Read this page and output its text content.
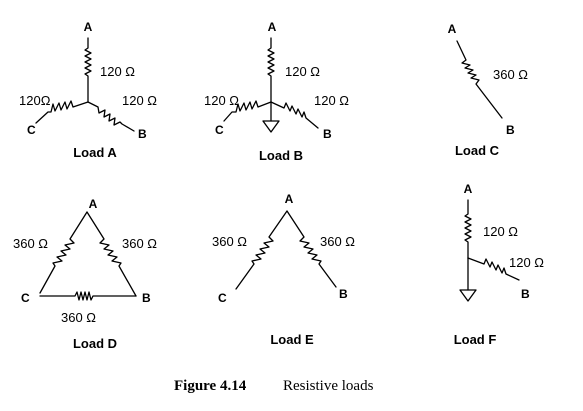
A
B
C
120 Ω
120 Ω
120Ω
Load A
A
B
C
120 Ω
120 Ω
120 Ω
Load B
A
B
360 Ω
Load C
A
B
C
360 Ω	360 Ω
360 Ω
Load D
A
B
C
360 Ω	360 Ω
Load E
A
B
120 Ω
120 Ω
Load F
Figure 4.14 Resistive loads
